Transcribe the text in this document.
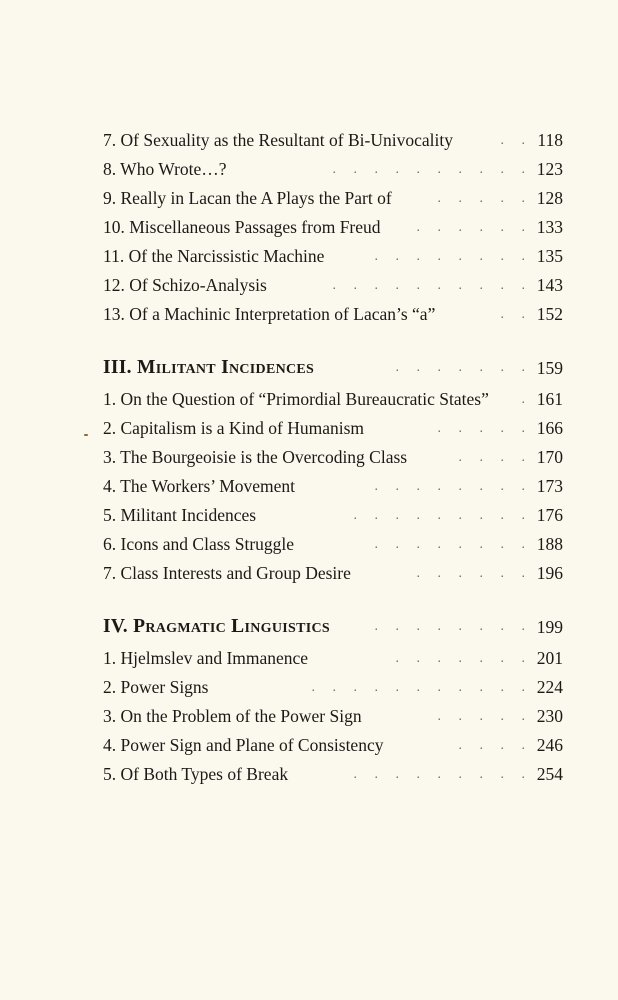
7. Of Sexuality as the Resultant of Bi-Univocality	. . 118
8. Who Wrote…?	. . . . . . . . . . 123
9. Really in Lacan the A Plays the Part of	. . . . . 128
10. Miscellaneous Passages from Freud	. . . . . . 133
11. Of the Narcissistic Machine	. . . . . . . . 135
12. Of Schizo-Analysis	. . . . . . . . . . 143
13. Of a Machinic Interpretation of Lacan’s “a”	. . 152
III. Militant Incidences	. . . . . . . 159
1. On the Question of “Primordial Bureaucratic States” . 161
2. Capitalism is a Kind of Humanism	. . . . . 166
3. The Bourgeoisie is the Overcoding Class	. . . . 170
4. The Workers’ Movement	. . . . . . . . 173
5. Militant Incidences	. . . . . . . . . 176
6. Icons and Class Struggle	. . . . . . . . 188
7. Class Interests and Group Desire	. . . . . . 196
IV. Pragmatic Linguistics	. . . . . . . . 199
1. Hjelmslev and Immanence	. . . . . . . 201
2. Power Signs	. . . . . . . . . . . 224
3. On the Problem of the Power Sign	. . . . . 230
4. Power Sign and Plane of Consistency	. . . . 246
5. Of Both Types of Break	. . . . . . . . . 254
